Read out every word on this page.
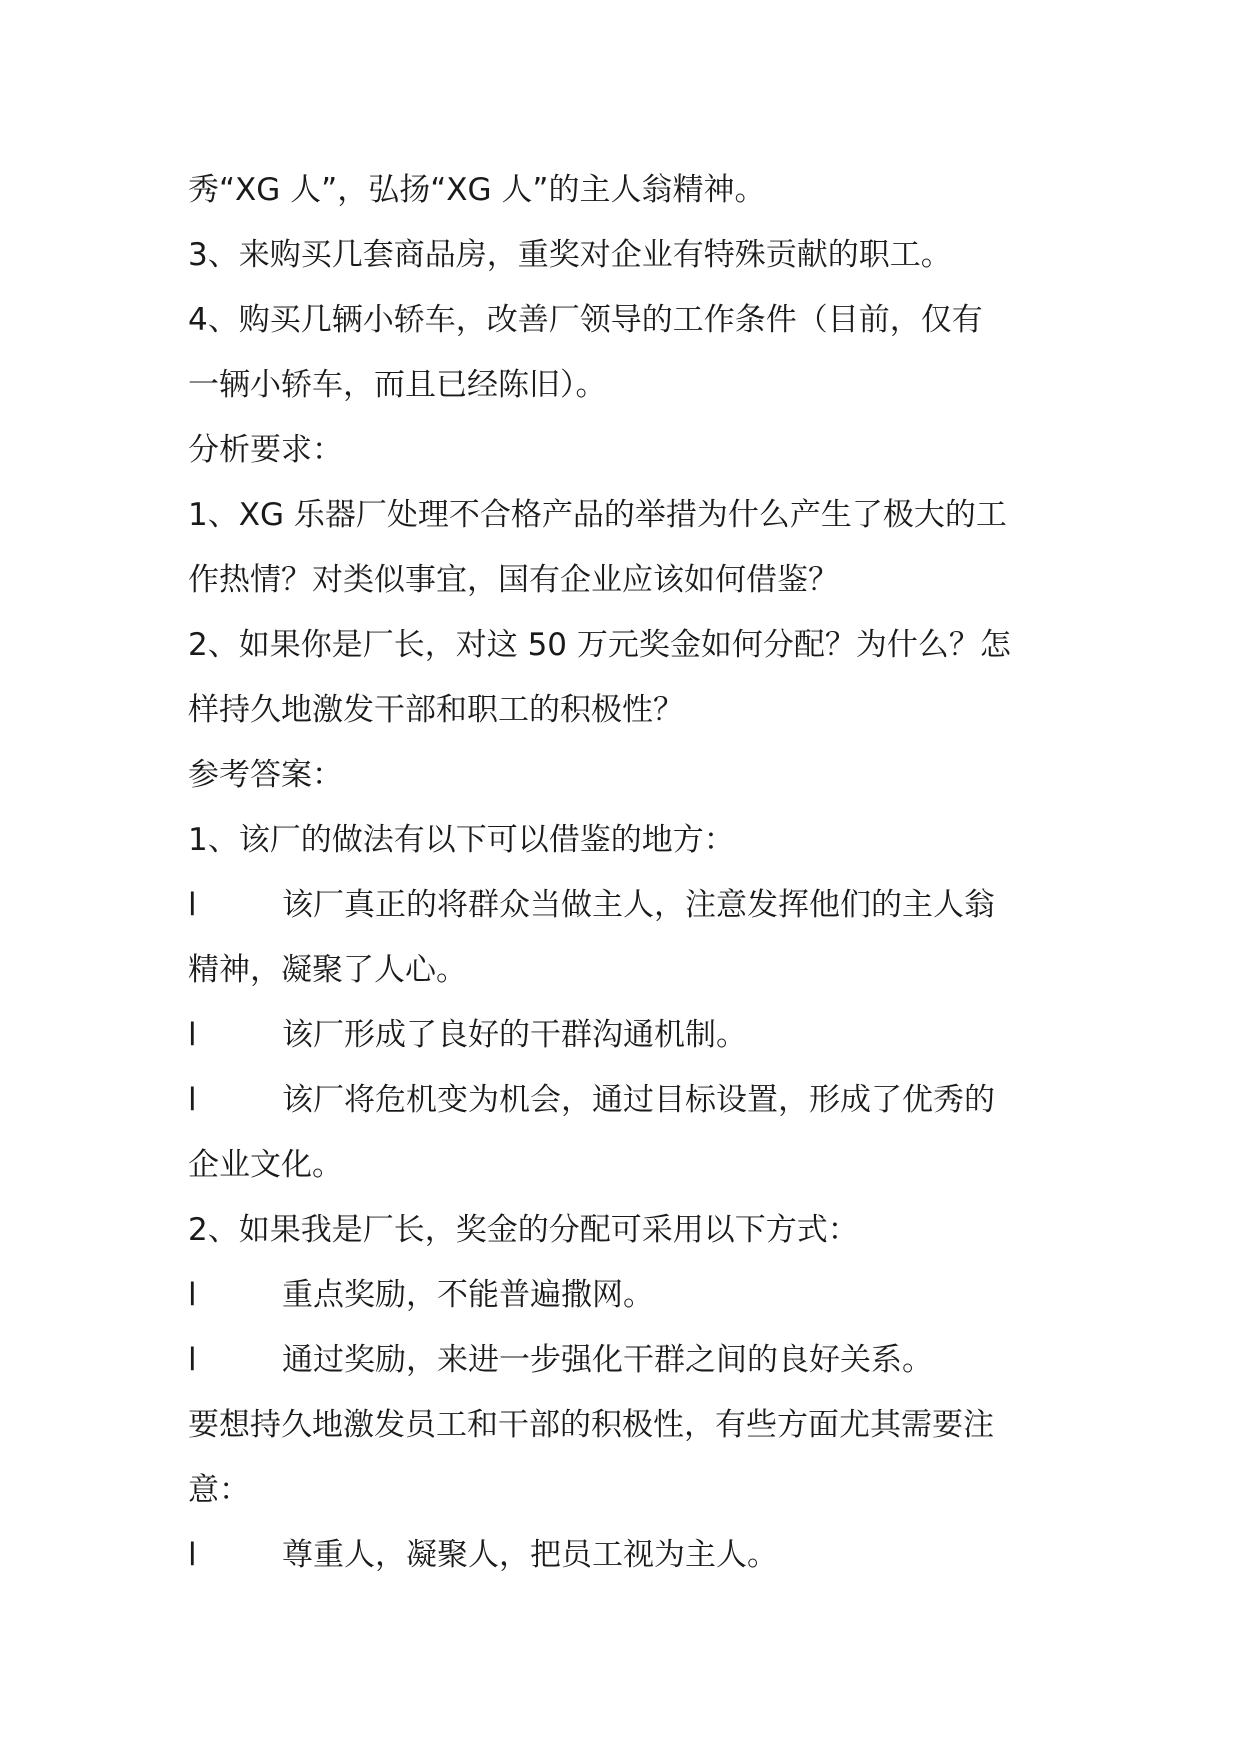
秀“XG 人”，弘扬“XG 人”的主人翁精神。
3、来购买几套商品房，重奖对企业有特殊贡献的职工。
4、购买几辆小轿车，改善厂领导的工作条件（目前，仅有
一辆小轿车，而且已经陈旧）。
分析要求：
1、XG 乐器厂处理不合格产品的举措为什么产生了极大的工
作热情？对类似事宜，国有企业应该如何借鉴？
2、如果你是厂长，对这 50 万元奖金如何分配？为什么？怎
样持久地激发干部和职工的积极性？
参考答案：
1、该厂的做法有以下可以借鉴的地方：
l	该厂真正的将群众当做主人，注意发挥他们的主人翁
精神，凝聚了人心。
l	该厂形成了良好的干群沟通机制。
l	该厂将危机变为机会，通过目标设置，形成了优秀的
企业文化。
2、如果我是厂长，奖金的分配可采用以下方式：
l	重点奖励，不能普遍撒网。
l	通过奖励，来进一步强化干群之间的良好关系。
要想持久地激发员工和干部的积极性，有些方面尤其需要注
意：
l	尊重人，凝聚人，把员工视为主人。
